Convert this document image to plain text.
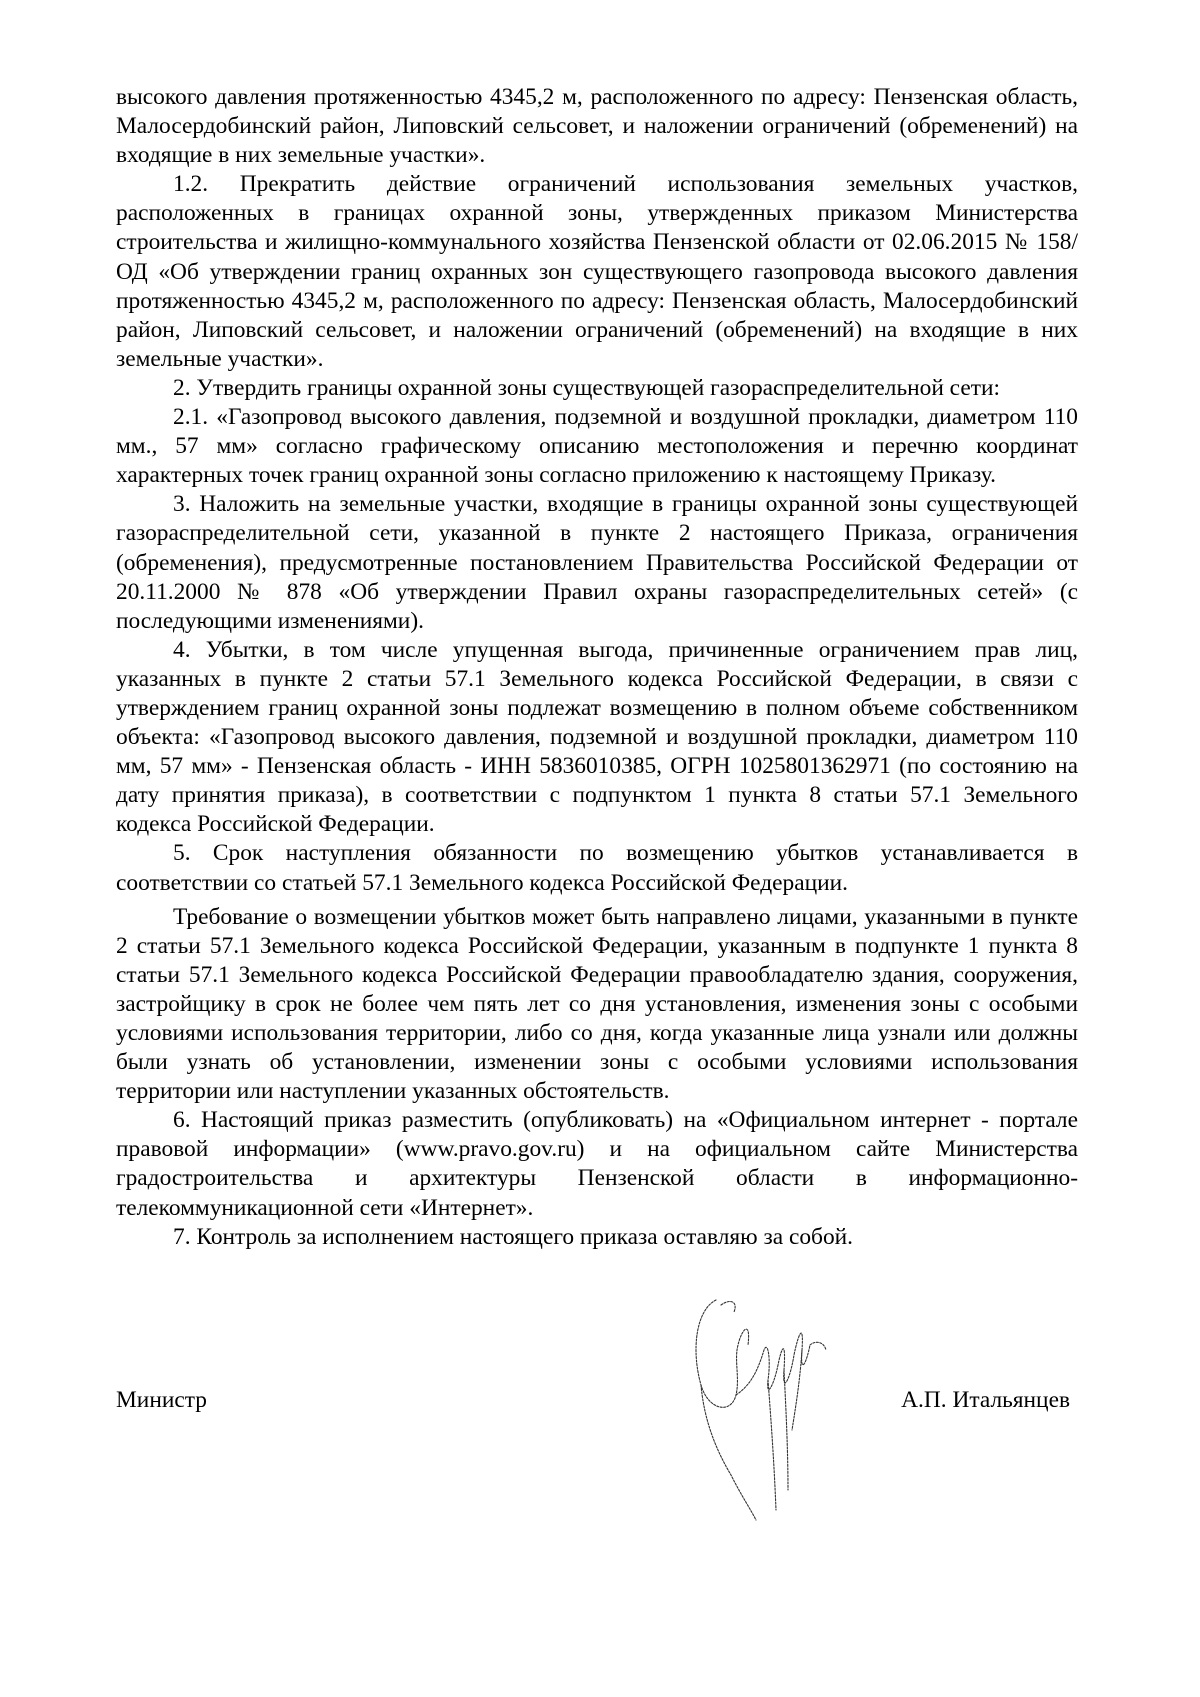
высокого давления протяженностью 4345,2 м, расположенного по адресу: Пензенская область, Малосердобинский район, Липовский сельсовет, и наложении ограничений (обременений) на входящие в них земельные участки».

1.2. Прекратить действие ограничений использования земельных участков, расположенных в границах охранной зоны, утвержденных приказом Министерства строительства и жилищно-коммунального хозяйства Пензенской области от 02.06.2015 № 158/ОД «Об утверждении границ охранных зон существующего газопровода высокого давления протяженностью 4345,2 м, расположенного по адресу: Пензенская область, Малосердобинский район, Липовский сельсовет, и наложении ограничений (обременений) на входящие в них земельные участки».

2. Утвердить границы охранной зоны существующей газораспределительной сети:

2.1. «Газопровод высокого давления, подземной и воздушной прокладки, диаметром 110 мм., 57 мм» согласно графическому описанию местоположения и перечню координат характерных точек границ охранной зоны согласно приложению к настоящему Приказу.

3. Наложить на земельные участки, входящие в границы охранной зоны существующей газораспределительной сети, указанной в пункте 2 настоящего Приказа, ограничения (обременения), предусмотренные постановлением Правительства Российской Федерации от 20.11.2000 № 878 «Об утверждении Правил охраны газораспределительных сетей» (с последующими изменениями).

4. Убытки, в том числе упущенная выгода, причиненные ограничением прав лиц, указанных в пункте 2 статьи 57.1 Земельного кодекса Российской Федерации, в связи с утверждением границ охранной зоны подлежат возмещению в полном объеме собственником объекта: «Газопровод высокого давления, подземной и воздушной прокладки, диаметром 110 мм, 57 мм» - Пензенская область - ИНН 5836010385, ОГРН 1025801362971 (по состоянию на дату принятия приказа), в соответствии с подпунктом 1 пункта 8 статьи 57.1 Земельного кодекса Российской Федерации.

5. Срок наступления обязанности по возмещению убытков устанавливается в соответствии со статьей 57.1 Земельного кодекса Российской Федерации.

Требование о возмещении убытков может быть направлено лицами, указанными в пункте 2 статьи 57.1 Земельного кодекса Российской Федерации, указанным в подпункте 1 пункта 8 статьи 57.1 Земельного кодекса Российской Федерации правообладателю здания, сооружения, застройщику в срок не более чем пять лет со дня установления, изменения зоны с особыми условиями использования территории, либо со дня, когда указанные лица узнали или должны были узнать об установлении, изменении зоны с особыми условиями использования территории или наступлении указанных обстоятельств.

6. Настоящий приказ разместить (опубликовать) на «Официальном интернет - портале правовой информации» (www.pravo.gov.ru) и на официальном сайте Министерства градостроительства и архитектуры Пензенской области в информационно-телекоммуникационной сети «Интернет».

7. Контроль за исполнением настоящего приказа оставляю за собой.

Министр	А.П. Итальянцев
